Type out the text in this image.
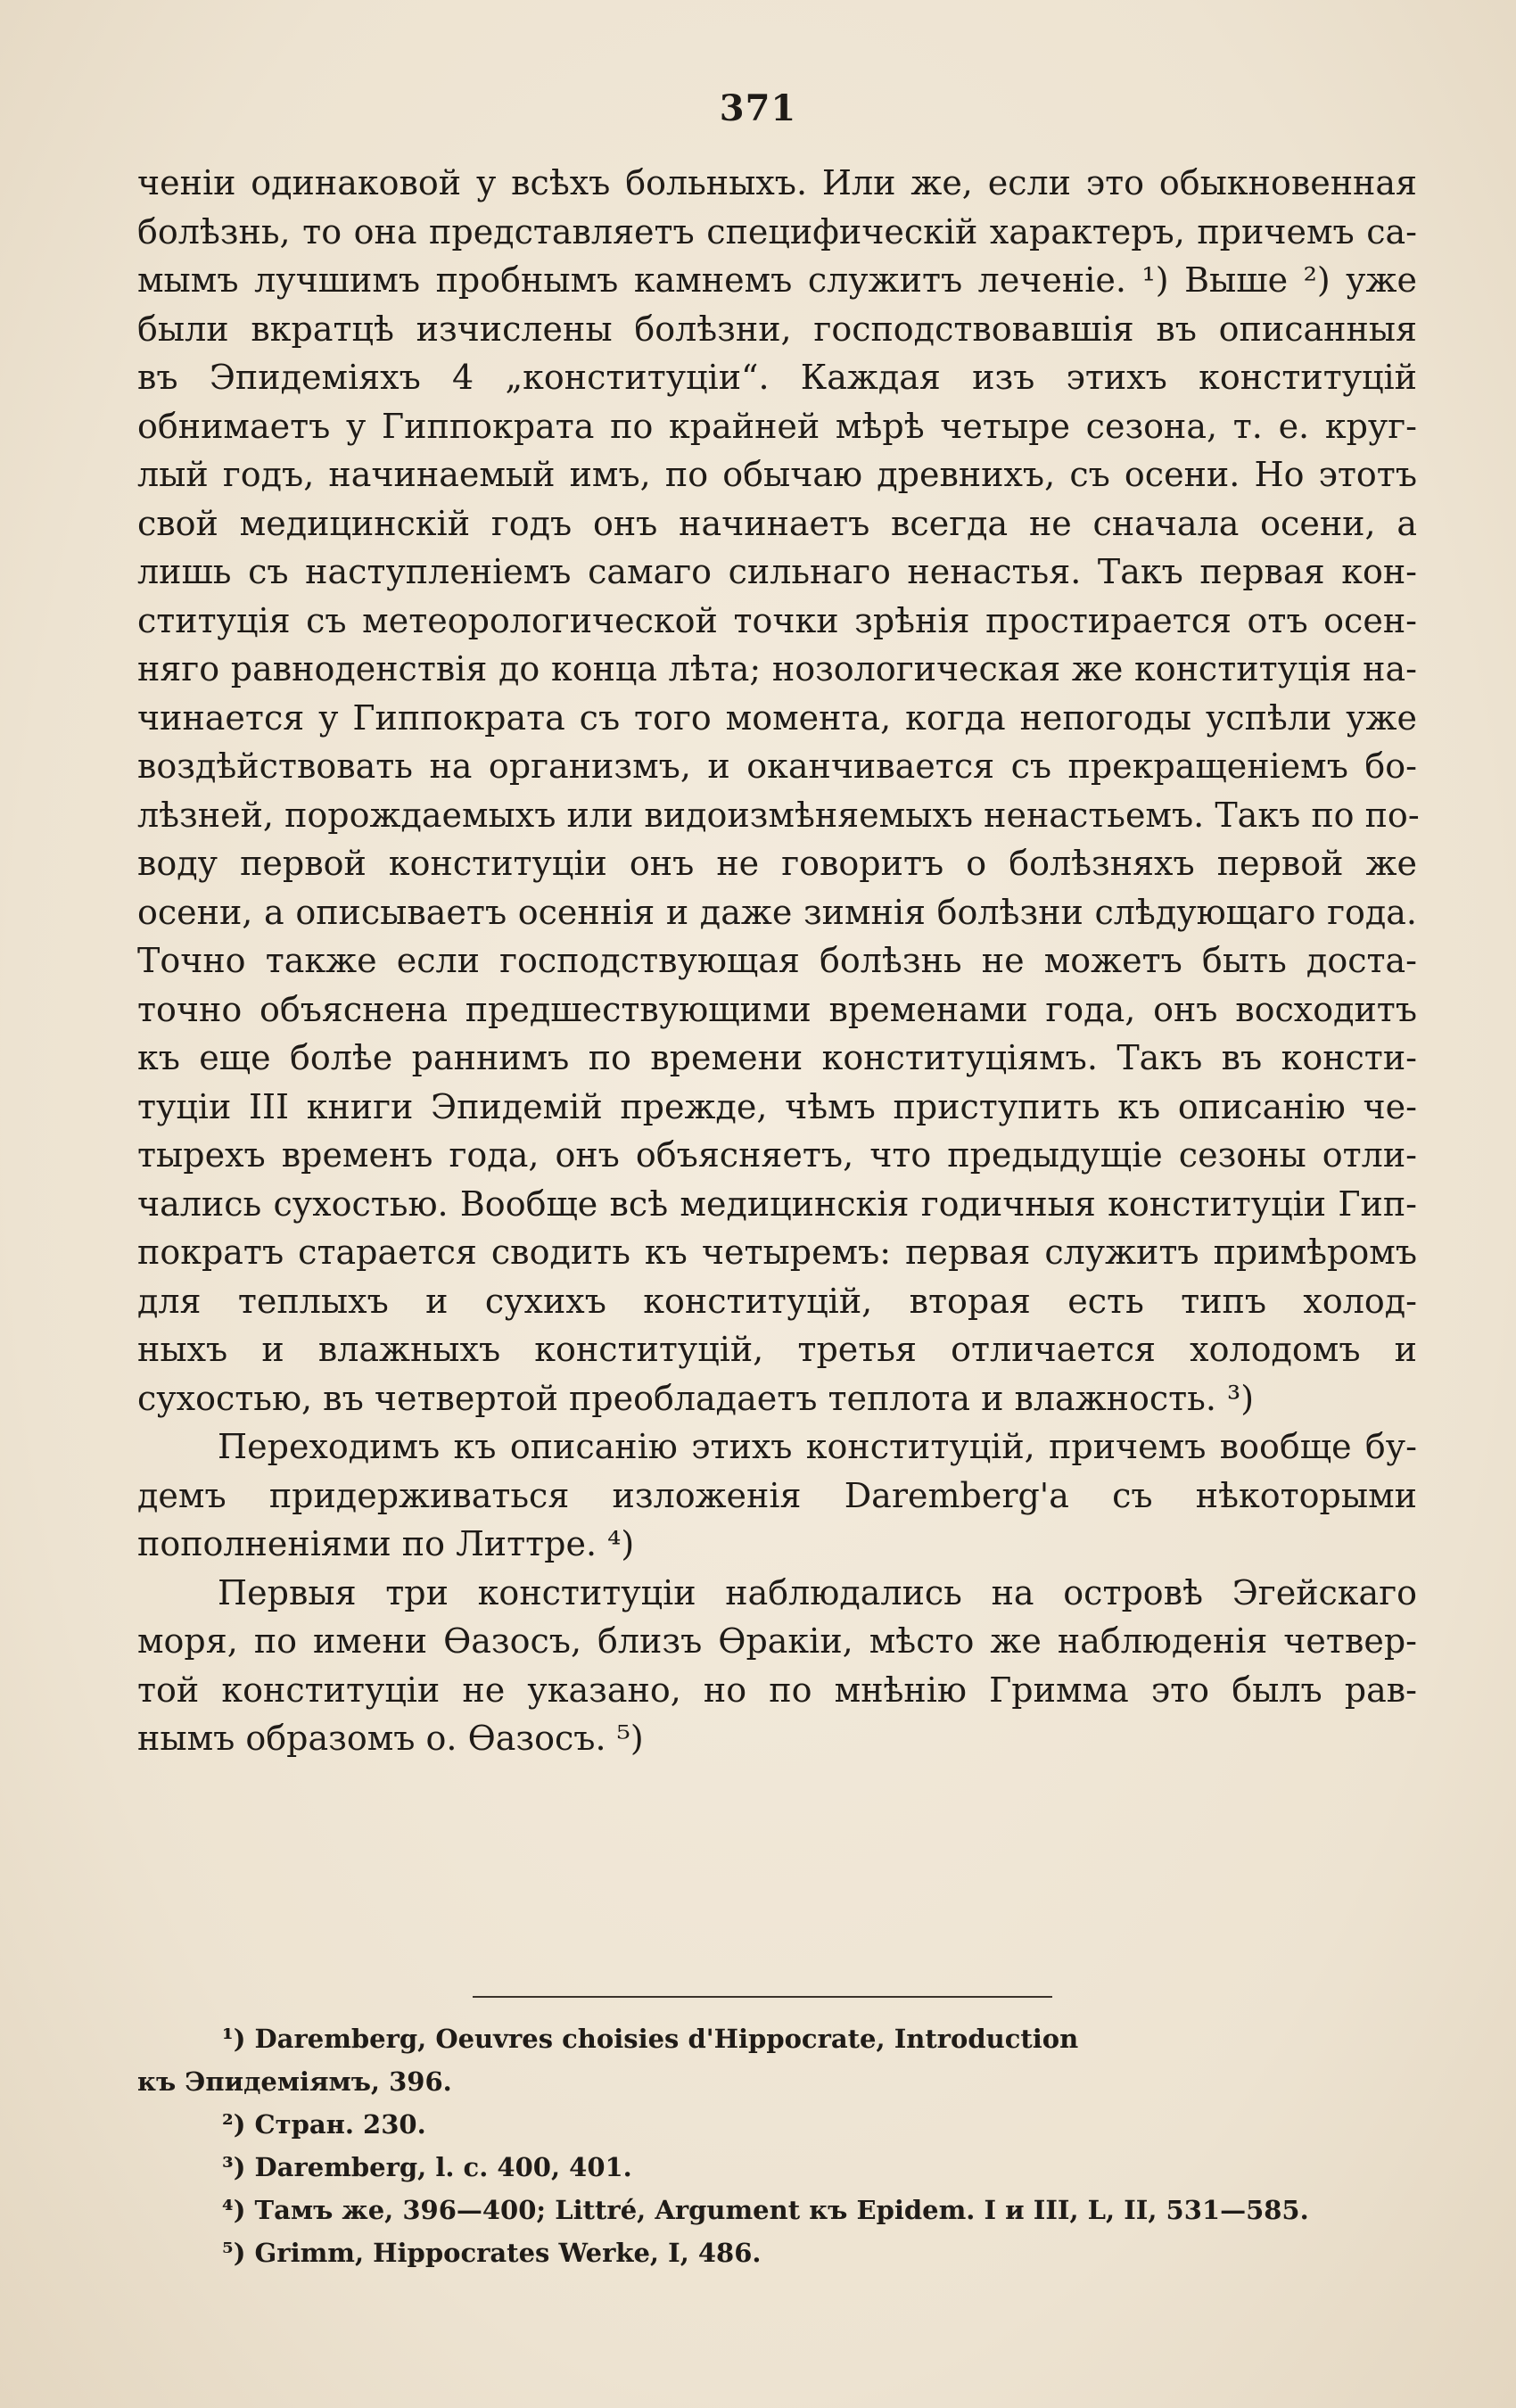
371
ченіи одинаковой у всѣхъ больныхъ. Или же, если это обыкновенная
болѣзнь, то она представляетъ специфическій характеръ, причемъ са-
мымъ лучшимъ пробнымъ камнемъ служитъ леченіе. ¹) Выше ²) уже
были вкратцѣ изчислены болѣзни, господствовавшія въ описанныя
въ Эпидеміяхъ 4 „конституціи“. Каждая изъ этихъ конституцій
обнимаетъ у Гиппократа по крайней мѣрѣ четыре сезона, т. е. круг-
лый годъ, начинаемый имъ, по обычаю древнихъ, съ осени. Но этотъ
свой медицинскій годъ онъ начинаетъ всегда не сначала осени, а
лишь съ наступленіемъ самаго сильнаго ненастья. Такъ первая кон-
ституція съ метеорологической точки зрѣнія простирается отъ осен-
няго равноденствія до конца лѣта; нозологическая же конституція на-
чинается у Гиппократа съ того момента, когда непогоды успѣли уже
воздѣйствовать на организмъ, и оканчивается съ прекращеніемъ бо-
лѣзней, порождаемыхъ или видоизмѣняемыхъ ненастьемъ. Такъ по по-
воду первой конституціи онъ не говоритъ о болѣзняхъ первой же
осени, а описываетъ осеннія и даже зимнія болѣзни слѣдующаго года.
Точно также если господствующая болѣзнь не можетъ быть доста-
точно объяснена предшествующими временами года, онъ восходитъ
къ еще болѣе раннимъ по времени конституціямъ. Такъ въ консти-
туціи III книги Эпидемій прежде, чѣмъ приступить къ описанію че-
тырехъ временъ года, онъ объясняетъ, что предыдущіе сезоны отли-
чались сухостью. Вообще всѣ медицинскія годичныя конституціи Гип-
пократъ старается сводить къ четыремъ: первая служитъ примѣромъ
для теплыхъ и сухихъ конституцій, вторая есть типъ холод-
ныхъ и влажныхъ конституцій, третья отличается холодомъ и
сухостью, въ четвертой преобладаетъ теплота и влажность. ³)
Переходимъ къ описанію этихъ конституцій, причемъ вообще бу-
демъ придерживаться изложенія Daremberg'а съ нѣкоторыми
пополненіями по Литтре. ⁴)
Первыя три конституціи наблюдались на островѣ Эгейскаго
моря, по имени Ѳазосъ, близъ Ѳракіи, мѣсто же наблюденія четвер-
той конституціи не указано, но по мнѣнію Гримма это былъ рав-
нымъ образомъ о. Ѳазосъ. ⁵)
¹) Daremberg, Oeuvres choisies d'Hippocrate, Introduction
къ Эпидеміямъ, 396.
²) Стран. 230.
³) Daremberg, l. c. 400, 401.
⁴) Тамъ же, 396—400; Littré, Argument къ Epidem. I и III, L, II, 531—585.
⁵) Grimm, Hippocrates Werke, I, 486.
